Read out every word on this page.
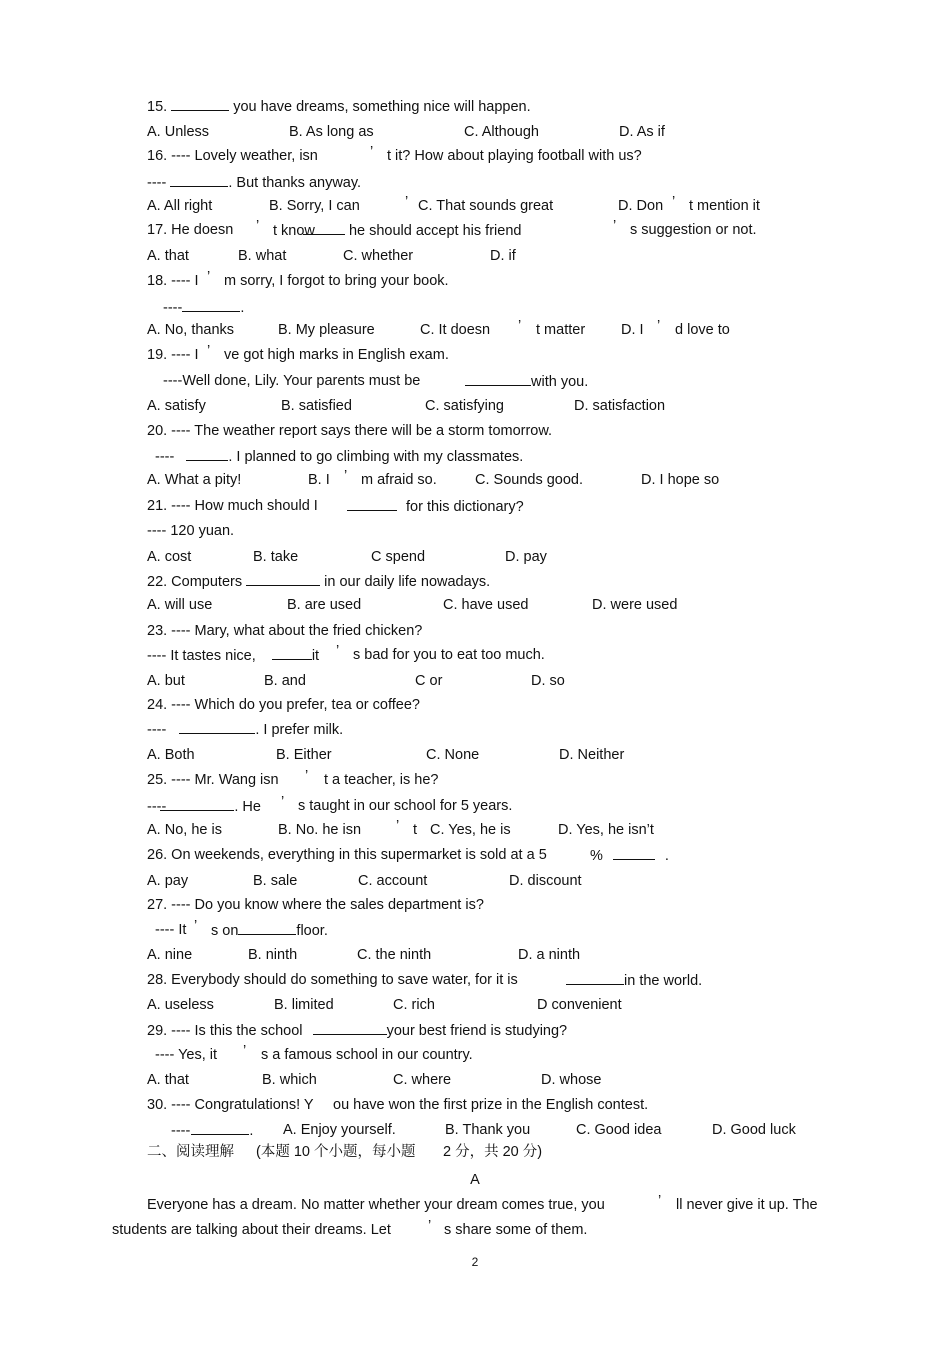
15.	you have dreams, something nice will happen.
A. Unless	B. As long as	C. Although	D. As if
16. ---- Lovely weather, isn	’ t it? How about playing football with us?
----	. But thanks anyway.
A. All right	B. Sorry, I can	’ C. That sounds great	D. Don ’ t mention it
17. He doesn ’ t know he should accept his friend	’ s suggestion or not.
A. that	B. what	C. whether	D. if
18. ---- I ’ m sorry, I forgot to bring your book.
----	.
A. No, thanks	B. My pleasure	C. It doesn ’ t matter D. I ’ d love to
19. ---- I ’ ve got high marks in English exam.
----Well done, Lily. Your parents must be	with you.
A. satisfy	B. satisfied	C. satisfying	D. satisfaction
20. ---- The weather report says there will be a storm tomorrow.
----	. I planned to go climbing with my classmates.
A. What a pity!	B. I ’ m afraid so.	C. Sounds good.	D. I hope so
21. ---- How much should I	for this dictionary?
---- 120 yuan.
A. cost	B. take	C spend	D. pay
22. Computers	in our daily life nowadays.
A. will use	B. are used	C. have used	D. were used
23. ---- Mary, what about the fried chicken?
---- It tastes nice,	it ’ s bad for you to eat too much.
A. but	B. and	C or	D. so
24. ---- Which do you prefer, tea or coffee?
----	. I prefer milk.
A. Both	B. Either	C. None	D. Neither
25. ---- Mr. Wang isn ’ t a teacher, is he?
----	. He ’ s taught in our school for 5 years.
A. No, he is	B. No. he isn ’ t C. Yes, he is	D. Yes, he isn’t
26. On weekends, everything in this supermarket is sold at a 5	%	.
A. pay	B. sale	C. account	D. discount
27. ---- Do you know where the sales department is?
---- It ’ s on	floor.
A. nine	B. ninth	C. the ninth	D. a ninth
28. Everybody should do something to save water, for it is	in the world.
A. useless	B. limited	C. rich	D convenient
29. ---- Is this the school	your best friend is studying?
---- Yes, it ’ s a famous school in our country.
A. that	B. which	C. where	D. whose
30. ---- Congratulations! Y ou have won the first prize in the English contest.
----	. A. Enjoy yourself.	B. Thank you	C. Good idea	D. Good luck
二、阅读理解 (本题 10 个小题，每小题 2 分，共 20 分)
A
Everyone has a dream. No matter whether your dream comes true, you	’ ll never give it up. The
students are talking about their dreams. Let	’ s share some of them.
2
